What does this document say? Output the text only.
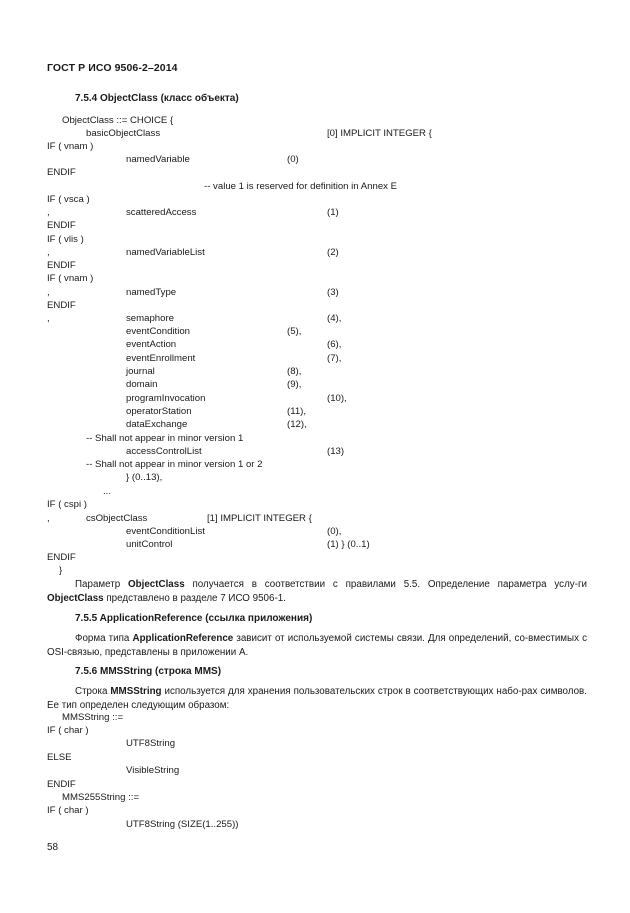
ГОСТ Р ИСО 9506-2–2014
7.5.4 ObjectClass (класс объекта)
ObjectClass ::= CHOICE {
basicObjectClass	[0] IMPLICIT INTEGER {
IF ( vnam )
namedVariable	(0)
ENDIF
-- value 1 is reserved for definition in Annex E
IF ( vsca )
,	scatteredAccess	(1)
ENDIF
IF ( vlis )
,	namedVariableList	(2)
ENDIF
IF ( vnam )
,	namedType	(3)
ENDIF
,	semaphore	(4),
eventCondition	(5),
eventAction	(6),
eventEnrollment	(7),
journal	(8),
domain	(9),
programInvocation	(10),
operatorStation	(11),
dataExchange	(12),
-- Shall not appear in minor version 1
accessControlList	(13)
-- Shall not appear in minor version 1 or 2
} (0..13),
...
IF ( cspi )
,	csObjectClass	[1] IMPLICIT INTEGER {
eventConditionList	(0),
unitControl	(1) } (0..1)
ENDIF
}
Параметр ObjectClass получается в соответствии с правилами 5.5. Определение параметра услу-ги ObjectClass представлено в разделе 7 ИСО 9506-1.
7.5.5 ApplicationReference (ссылка приложения)
Форма типа ApplicationReference зависит от используемой системы связи. Для определений, со-вместимых с OSI-связью, представлены в приложении А.
7.5.6 MMSString (строка MMS)
Строка MMSString используется для хранения пользовательских строк в соответствующих набо-рах символов. Ее тип определен следующим образом:
MMSString ::=
IF ( char )
UTF8String
ELSE
VisibleString
ENDIF
MMS255String ::=
IF ( char )
UTF8String (SIZE(1..255))
58
